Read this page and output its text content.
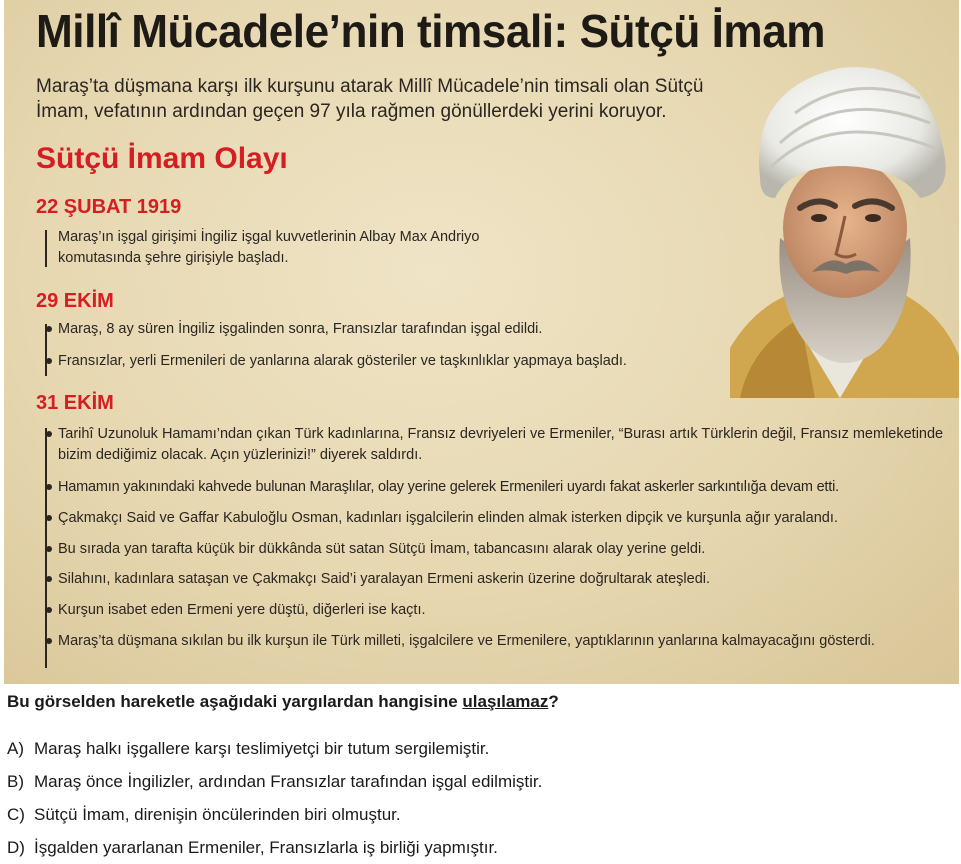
Millî Mücadele’nin timsali: Sütçü İmam

Maraş’ta düşmana karşı ilk kurşunu atarak Millî Mücadele’nin timsali olan Sütçü İmam, vefatının ardından geçen 97 yıla rağmen gönüllerdeki yerini koruyor.

Sütçü İmam Olayı
22 ŞUBAT 1919

Maraş’ın işgal girişimi İngiliz işgal kuvvetlerinin Albay Max Andriyo komutasında şehre girişiyle başladı.

29 EKİM

Maraş, 8 ay süren İngiliz işgalinden sonra, Fransızlar tarafından işgal edildi.

Fransızlar, yerli Ermenileri de yanlarına alarak gösteriler ve taşkınlıklar yapmaya başladı.

31 EKİM

Tarihî Uzunoluk Hamamı’ndan çıkan Türk kadınlarına, Fransız devriyeleri ve Ermeniler, “Burası artık Türklerin değil, Fransız memleketinde bizim dediğimiz olacak. Açın yüzlerinizi!” diyerek saldırdı.

Hamamın yakınındaki kahvede bulunan Maraşlılar, olay yerine gelerek Ermenileri uyardı fakat askerler sarkıntılığa devam etti.

Çakmakçı Said ve Gaffar Kabuloğlu Osman, kadınları işgalcilerin elinden almak isterken dipçik ve kurşunla ağır yaralandı.

Bu sırada yan tarafta küçük bir dükkânda süt satan Sütçü İmam, tabancasını alarak olay yerine geldi.

Silahını, kadınlara sataşan ve Çakmakçı Said’i yaralayan Ermeni askerin üzerine doğrultarak ateşledi.

Kurşun isabet eden Ermeni yere düştü, diğerleri ise kaçtı.

Maraş’ta düşmana sıkılan bu ilk kurşun ile Türk milleti, işgalcilere ve Ermenilere, yaptıklarının yanlarına kalmayacağını gösterdi.

Bu görselden hareketle aşağıdaki yargılardan hangisine ulaşılamaz?

A) Maraş halkı işgallere karşı teslimiyetçi bir tutum sergilemiştir.

B) Maraş önce İngilizler, ardından Fransızlar tarafından işgal edilmiştir.

C) Sütçü İmam, direnişin öncülerinden biri olmuştur.

D) İşgalden yararlanan Ermeniler, Fransızlarla iş birliği yapmıştır.
